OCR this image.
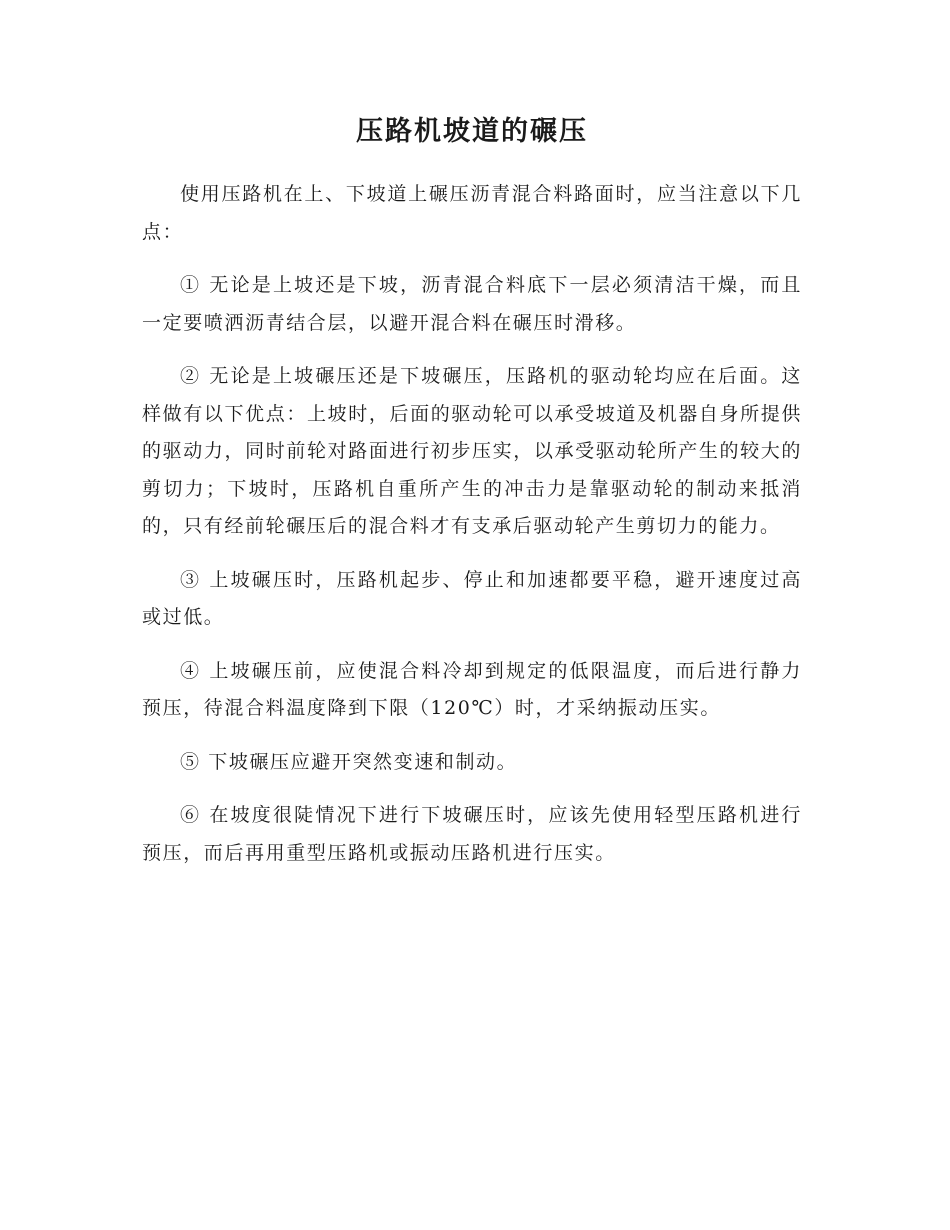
压路机坡道的碾压

使用压路机在上、下坡道上碾压沥青混合料路面时，应当注意以下几点：

① 无论是上坡还是下坡，沥青混合料底下一层必须清洁干燥，而且一定要喷洒沥青结合层，以避开混合料在碾压时滑移。

② 无论是上坡碾压还是下坡碾压，压路机的驱动轮均应在后面。这样做有以下优点：上坡时，后面的驱动轮可以承受坡道及机器自身所提供的驱动力，同时前轮对路面进行初步压实，以承受驱动轮所产生的较大的剪切力；下坡时，压路机自重所产生的冲击力是靠驱动轮的制动来抵消的，只有经前轮碾压后的混合料才有支承后驱动轮产生剪切力的能力。

③ 上坡碾压时，压路机起步、停止和加速都要平稳，避开速度过高或过低。

④ 上坡碾压前，应使混合料冷却到规定的低限温度，而后进行静力预压，待混合料温度降到下限（120℃）时，才采纳振动压实。

⑤ 下坡碾压应避开突然变速和制动。

⑥ 在坡度很陡情况下进行下坡碾压时，应该先使用轻型压路机进行预压，而后再用重型压路机或振动压路机进行压实。
